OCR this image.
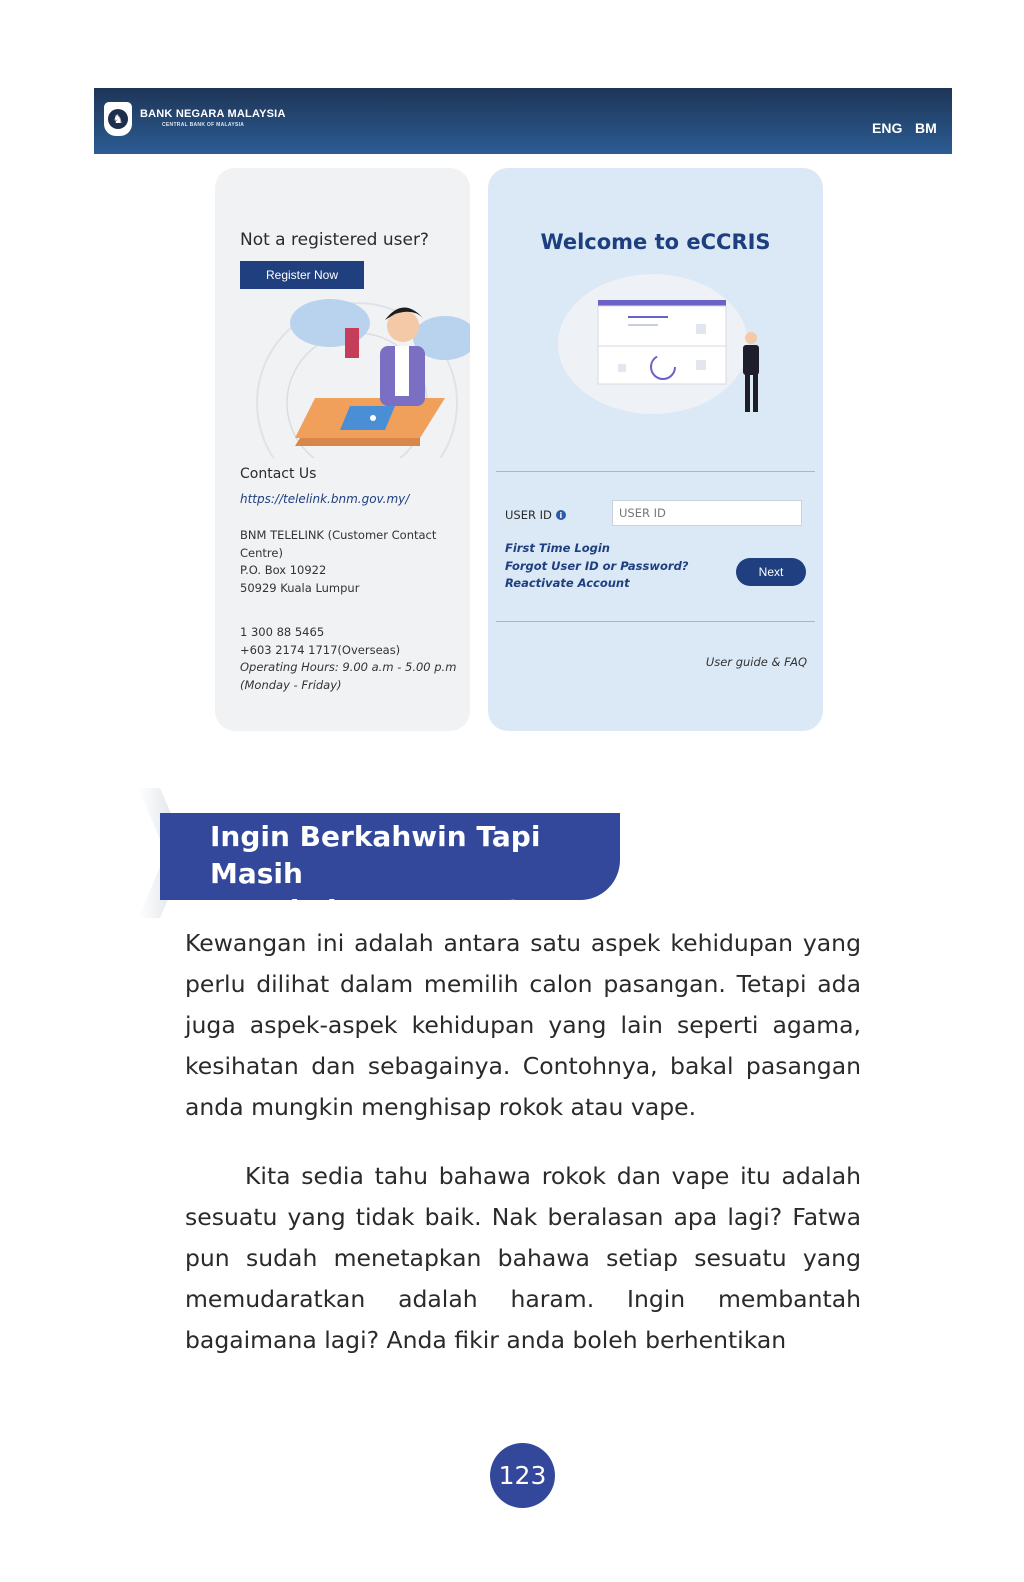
♞	BANK NEGARA MALAYSIA
CENTRAL BANK OF MALAYSIA	ENG BM
Not a registered user?
Register Now
Contact Us
https://telelink.bnm.gov.my/
BNM TELELINK (Customer Contact Centre)
P.O. Box 10922
50929 Kuala Lumpur
1 300 88 5465
+603 2174 1717(Overseas)
Operating Hours: 9.00 a.m - 5.00 p.m
(Monday - Friday)
Welcome to eCCRIS
USER ID i
USER ID
First Time Login
Forgot User ID or Password?
Reactivate Account
Next
User guide & FAQ
Ingin Berkahwin Tapi Masih
Merokok Dan Vape?

Kewangan ini adalah antara satu aspek kehidupan yang perlu dilihat dalam memilih calon pasangan. Tetapi ada juga aspek-aspek kehidupan yang lain seperti agama, kesihatan dan sebagainya. Contohnya, bakal pasangan anda mungkin menghisap rokok atau vape.

Kita sedia tahu bahawa rokok dan vape itu adalah sesuatu yang tidak baik. Nak beralasan apa lagi? Fatwa pun sudah menetapkan bahawa setiap sesuatu yang memudaratkan adalah haram. Ingin membantah bagaimana lagi? Anda fikir anda boleh berhentikan

123
